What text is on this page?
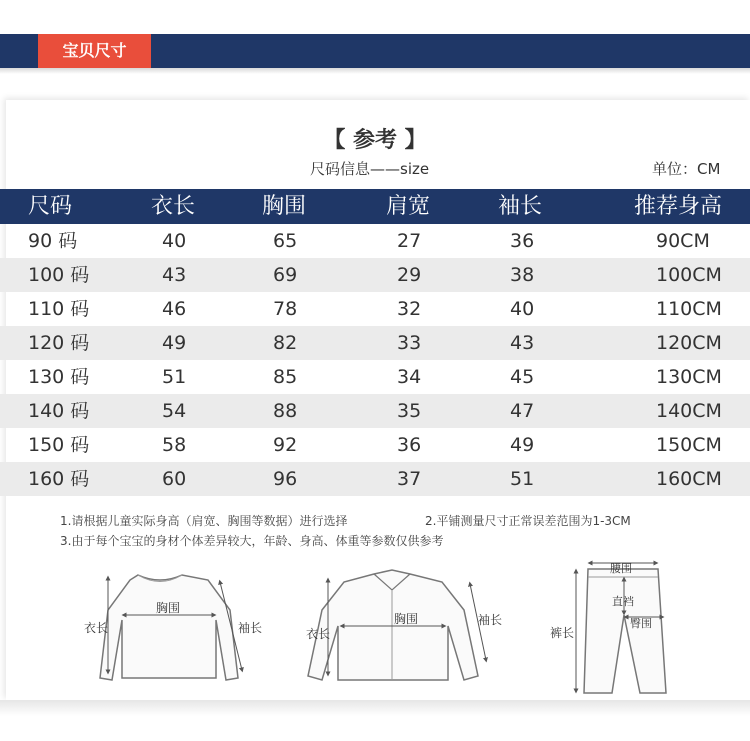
宝贝尺寸
【 参考 】
尺码信息——size	单位：CM
尺码	衣长	胸围	肩宽	袖长	推荐身高
90 码	40	65	27	36	90CM
100 码	43	69	29	38	100CM
110 码	46	78	32	40	110CM
120 码	49	82	33	43	120CM
130 码	51	85	34	45	130CM
140 码	54	88	35	47	140CM
150 码	58	92	36	49	150CM
160 码	60	96	37	51	160CM
1.请根据儿童实际身高（肩宽、胸围等数据）进行选择	2.平铺测量尺寸正常误差范围为1-3CM
3.由于每个宝宝的身材个体差异较大，年龄、身高、体重等参数仅供参考
衣长
胸围
袖长	衣长
胸围	袖长
腰围
直裆
臀围
裤长
